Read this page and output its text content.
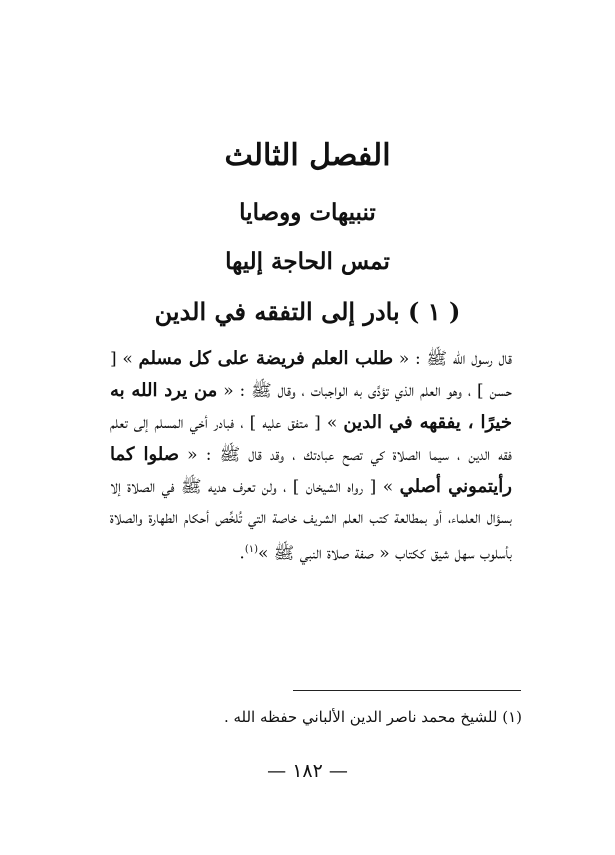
الفصل الثالث
تنبيهات ووصايا
تمس الحاجة إليها
( ١ ) بادر إلى التفقه في الدين
قال رسول الله ﷺ : « طلب العلم فريضة على كل مسلم » [ حسن ] ، وهو العلم الذي تؤدَّى به الواجبات ، وقال ﷺ : « من يرد الله به خيرًا ، يفقهه في الدين » [ متفق عليه ] ، فبادر أخي المسلم إلى تعلم فقه الدين ، سيما الصلاة كي تصح عبادتك ، وقد قال ﷺ : « صلوا كما رأيتموني أصلي » [ رواه الشيخان ] ، ولن تعرف هديه ﷺ في الصلاة إلا بسؤال العلماء، أو بمطالعة كتب العلم الشريف خاصة التي تُلخِّص أحكام الطهارة والصلاة بأسلوب سهل شيق ككتاب « صفة صلاة النبي ﷺ »$^{(١)}$.
(١) للشيخ محمد ناصر الدين الألباني حفظه الله .
— ١٨٢ —
